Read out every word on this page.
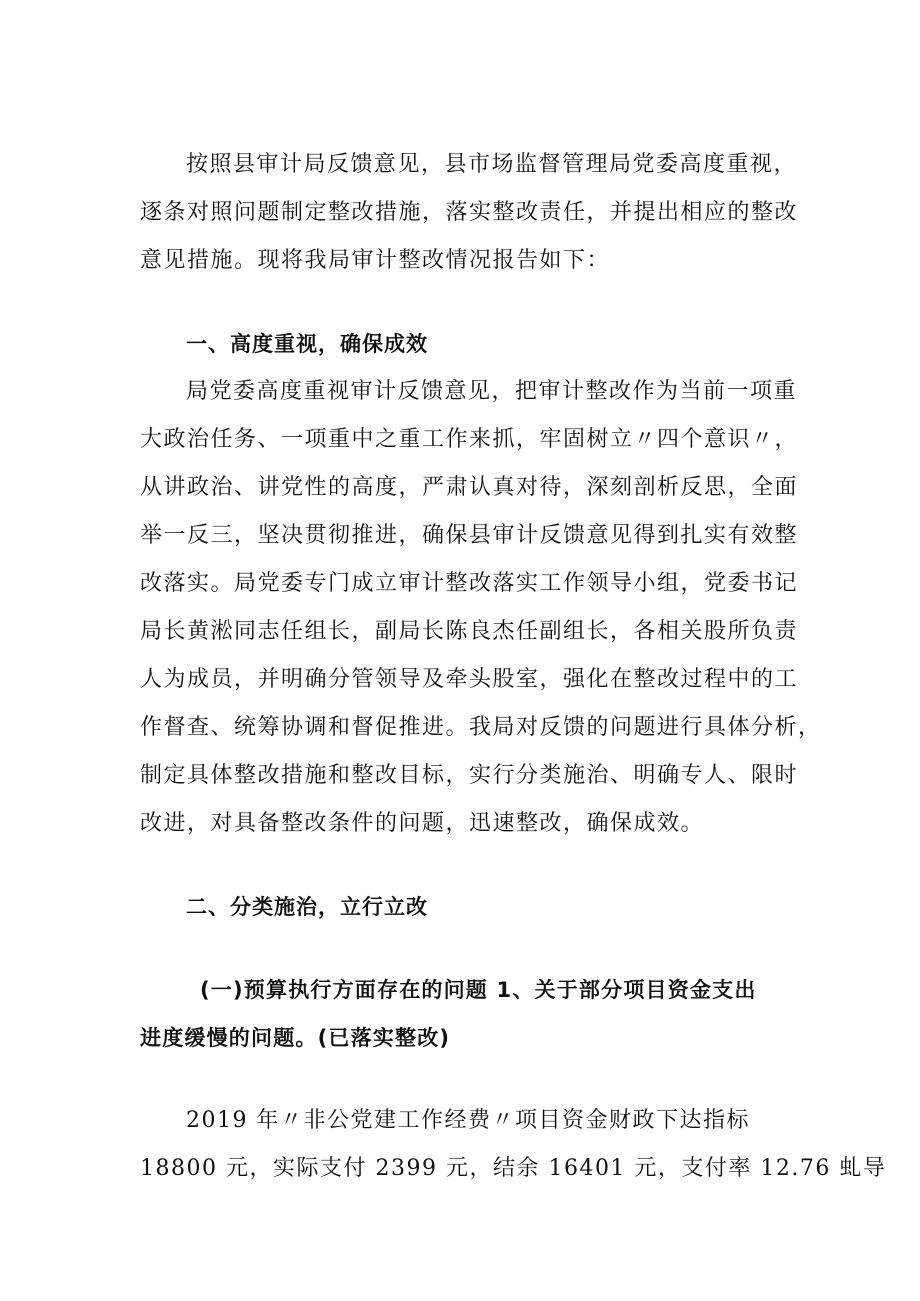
按照县审计局反馈意见，县市场监督管理局党委高度重视，
逐条对照问题制定整改措施，落实整改责任，并提出相应的整改
意见措施。现将我局审计整改情况报告如下：
一、高度重视，确保成效
局党委高度重视审计反馈意见，把审计整改作为当前一项重
大政治任务、一项重中之重工作来抓，牢固树立〃四个意识〃，
从讲政治、讲党性的高度，严肃认真对待，深刻剖析反思，全面
举一反三，坚决贯彻推进，确保县审计反馈意见得到扎实有效整
改落实。局党委专门成立审计整改落实工作领导小组，党委书记
局长黄淞同志任组长，副局长陈良杰任副组长，各相关股所负责
人为成员，并明确分管领导及牵头股室，强化在整改过程中的工
作督查、统筹协调和督促推进。我局对反馈的问题进行具体分析，
制定具体整改措施和整改目标，实行分类施治、明确专人、限时
改进，对具备整改条件的问题，迅速整改，确保成效。
二、分类施治，立行立改
(一)预算执行方面存在的问题 1、关于部分项目资金支出
进度缓慢的问题。(已落实整改)
2019 年〃非公党建工作经费〃项目资金财政下达指标
18800 元，实际支付 2399 元，结余 16401 元，支付率 12.76 虬导
